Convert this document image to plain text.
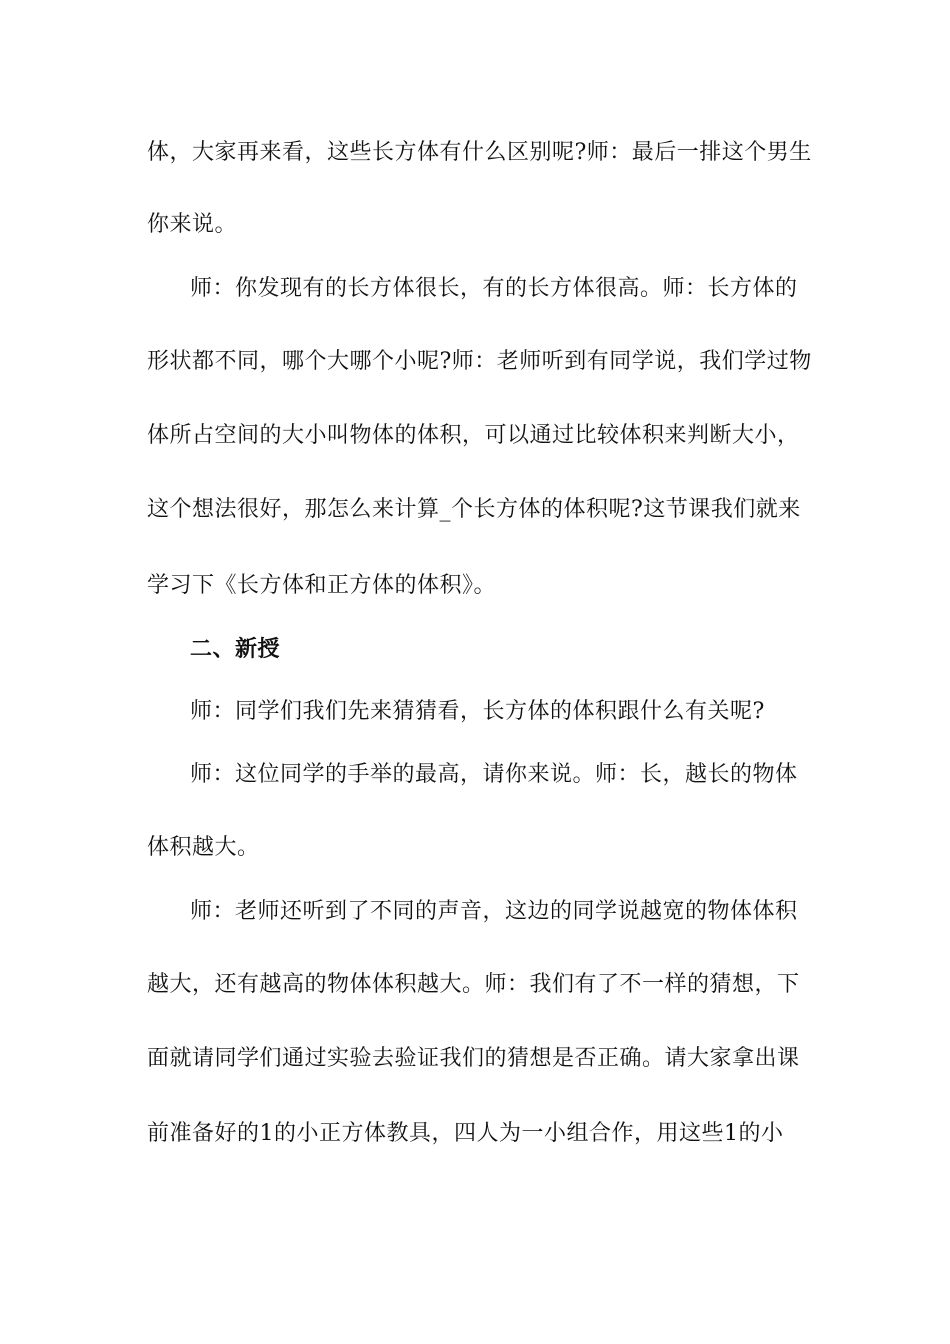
体，大家再来看，这些长方体有什么区别呢?师：最后一排这个男生
你来说。
师：你发现有的长方体很长，有的长方体很高。师：长方体的
形状都不同，哪个大哪个小呢?师：老师听到有同学说，我们学过物
体所占空间的大小叫物体的体积，可以通过比较体积来判断大小，
这个想法很好，那怎么来计算_个长方体的体积呢?这节课我们就来
学习下《长方体和正方体的体积》。
二、新授
师：同学们我们先来猜猜看，长方体的体积跟什么有关呢?
师：这位同学的手举的最高，请你来说。师：长，越长的物体
体积越大。
师：老师还听到了不同的声音，这边的同学说越宽的物体体积
越大，还有越高的物体体积越大。师：我们有了不一样的猜想，下
面就请同学们通过实验去验证我们的猜想是否正确。请大家拿出课
前准备好的1的小正方体教具，四人为一小组合作，用这些1的小
